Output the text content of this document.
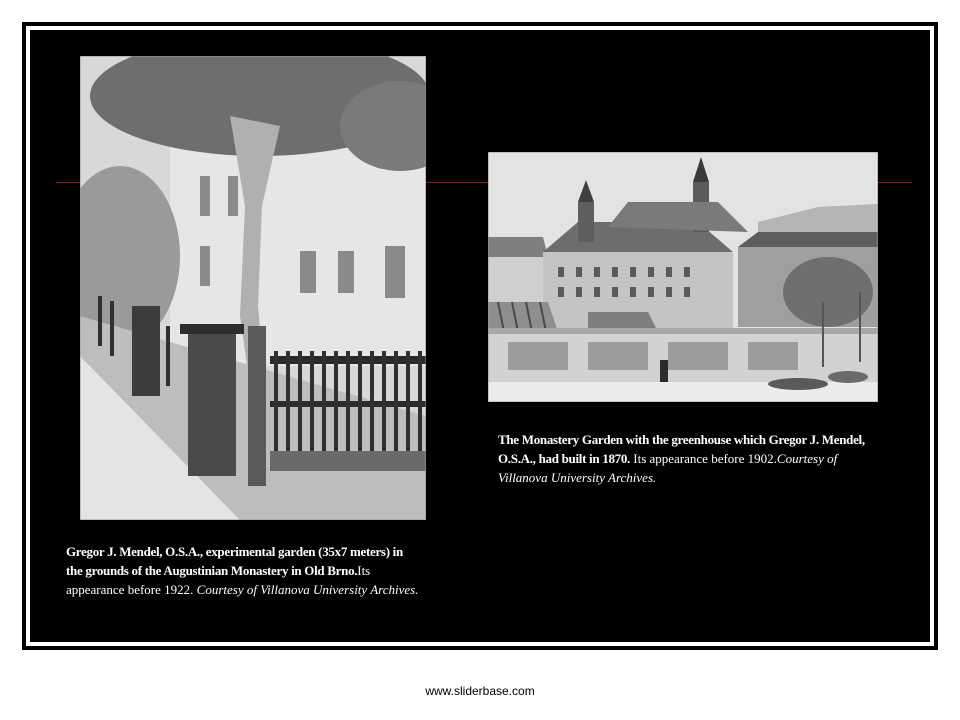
The Monastery Garden with the greenhouse which Gregor J. Mendel, O.S.A., had built in 1870. Its appearance before 1902.Courtesy of Villanova University Archives.
Gregor J. Mendel, O.S.A., experimental garden (35x7 meters) in the grounds of the Augustinian Monastery in Old Brno.Its appearance before 1922. Courtesy of Villanova University Archives.
www.sliderbase.com
